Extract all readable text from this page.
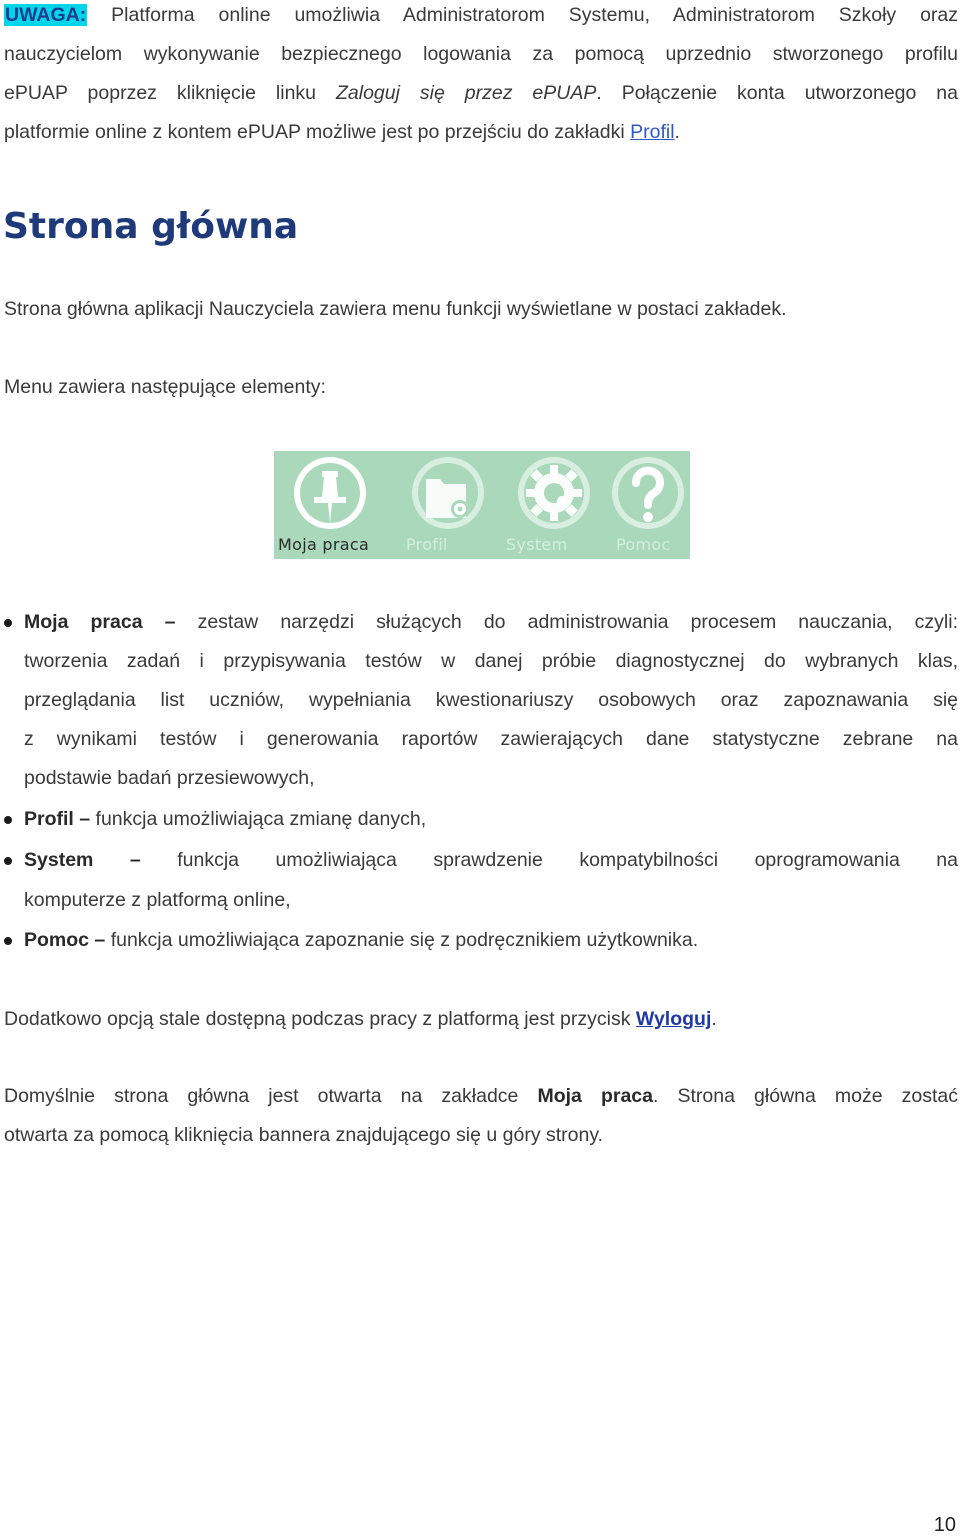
UWAGA: Platforma online umożliwia Administratorom Systemu, Administratorom Szkoły oraz

nauczycielom wykonywanie bezpiecznego logowania za pomocą uprzednio stworzonego profilu

ePUAP poprzez kliknięcie linku Zaloguj się przez ePUAP. Połączenie konta utworzonego na

platformie online z kontem ePUAP możliwe jest po przejściu do zakładki Profil.

Strona główna

Strona główna aplikacji Nauczyciela zawiera menu funkcji wyświetlane w postaci zakładek.

Menu zawiera następujące elementy:

Moja praca	Profil	System	Pomoc

Moja praca – zestaw narzędzi służących do administrowania procesem nauczania, czyli:

tworzenia zadań i przypisywania testów w danej próbie diagnostycznej do wybranych klas,

przeglądania list uczniów, wypełniania kwestionariuszy osobowych oraz zapoznawania się

z wynikami testów i generowania raportów zawierających dane statystyczne zebrane na

podstawie badań przesiewowych,

Profil – funkcja umożliwiająca zmianę danych,

System – funkcja umożliwiająca sprawdzenie kompatybilności oprogramowania na

komputerze z platformą online,

Pomoc – funkcja umożliwiająca zapoznanie się z podręcznikiem użytkownika.

Dodatkowo opcją stale dostępną podczas pracy z platformą jest przycisk Wyloguj.

Domyślnie strona główna jest otwarta na zakładce Moja praca. Strona główna może zostać

otwarta za pomocą kliknięcia bannera znajdującego się u góry strony.

10
